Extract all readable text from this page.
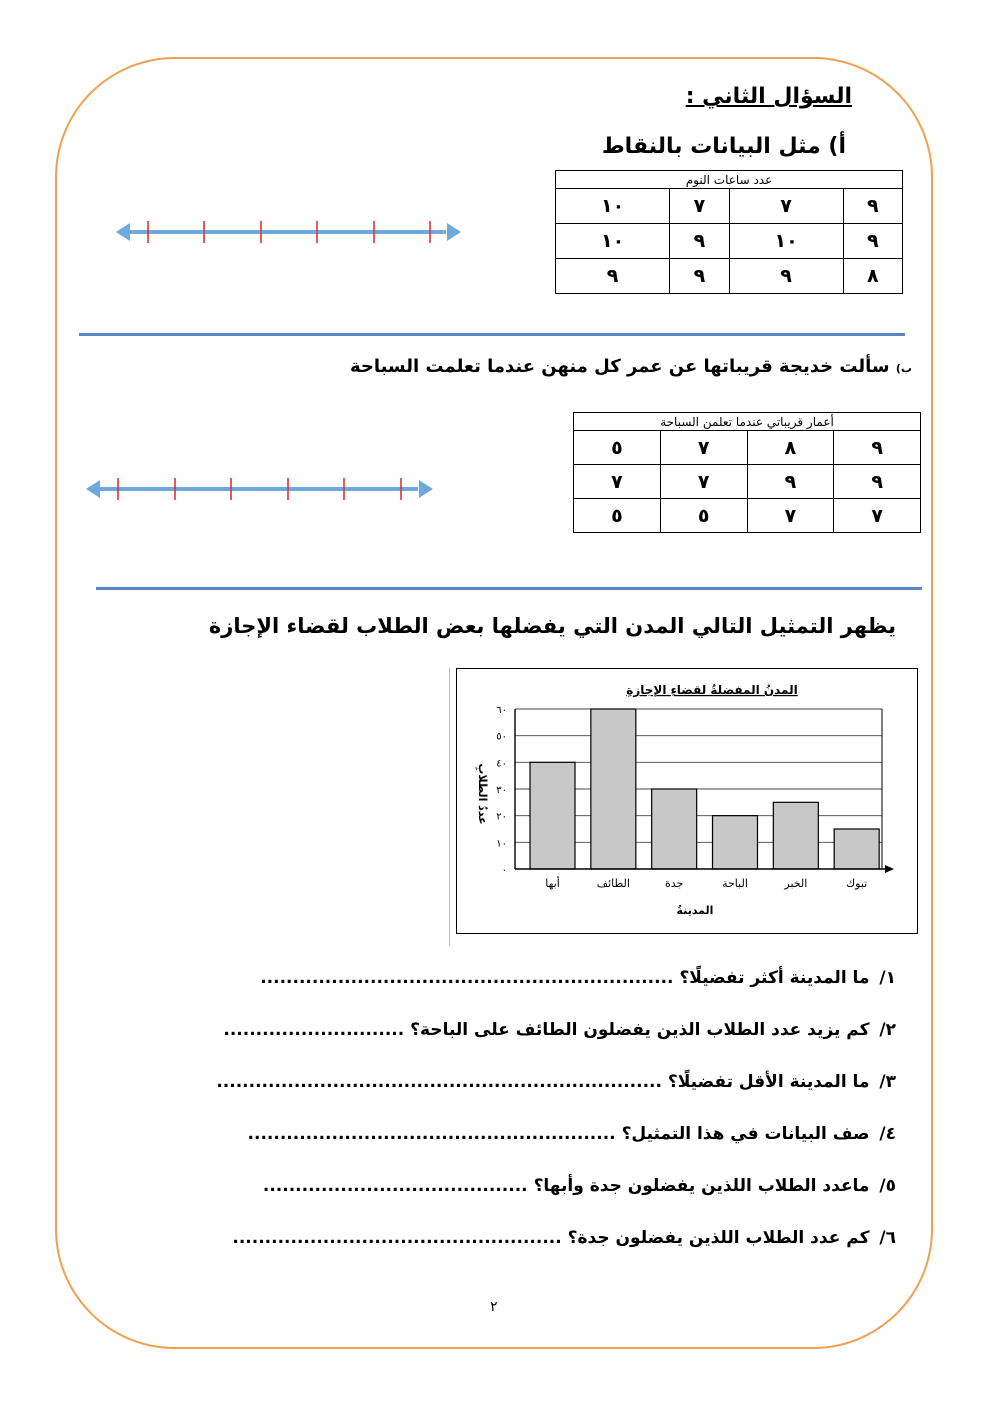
السؤال الثاني :
أ) مثل البيانات بالنقاط
عدد ساعات النوم			
٩	٧	٧	١٠
٩	١٠	٩	١٠
٨	٩	٩	٩
ب) سألت خديجة قريباتها عن عمر كل منهن عندما تعلمت السباحة
أعمار قريباتي عندما تعلمن السباحة			
٩	٨	٧	٥
٩	٩	٧	٧
٧	٧	٥	٥
يظهر التمثيل التالي المدن التي يفضلها بعض الطلاب لقضاء الإجازة
المدنُ المفضلةُ لقضاءِ الإجازةِ
عددُ الطلابِ
المدينةُ
٠
١٠
٢٠
٣٠
٤٠
٥٠
٦٠
أبها	الطائف	جدة	الباحة	الخبر	تبوك
١/ ما المدينة أكثر تفضيلًا؟ ................................................................
٢/ كم يزيد عدد الطلاب الذين يفضلون الطائف على الباحة؟ ............................
٣/ ما المدينة الأقل تفضيلًا؟ .....................................................................
٤/ صف البيانات في هذا التمثيل؟ .........................................................
٥/ ماعدد الطلاب اللذين يفضلون جدة وأبها؟ .........................................
٦/ كم عدد الطلاب اللذين يفضلون جدة؟ ...................................................
٢
